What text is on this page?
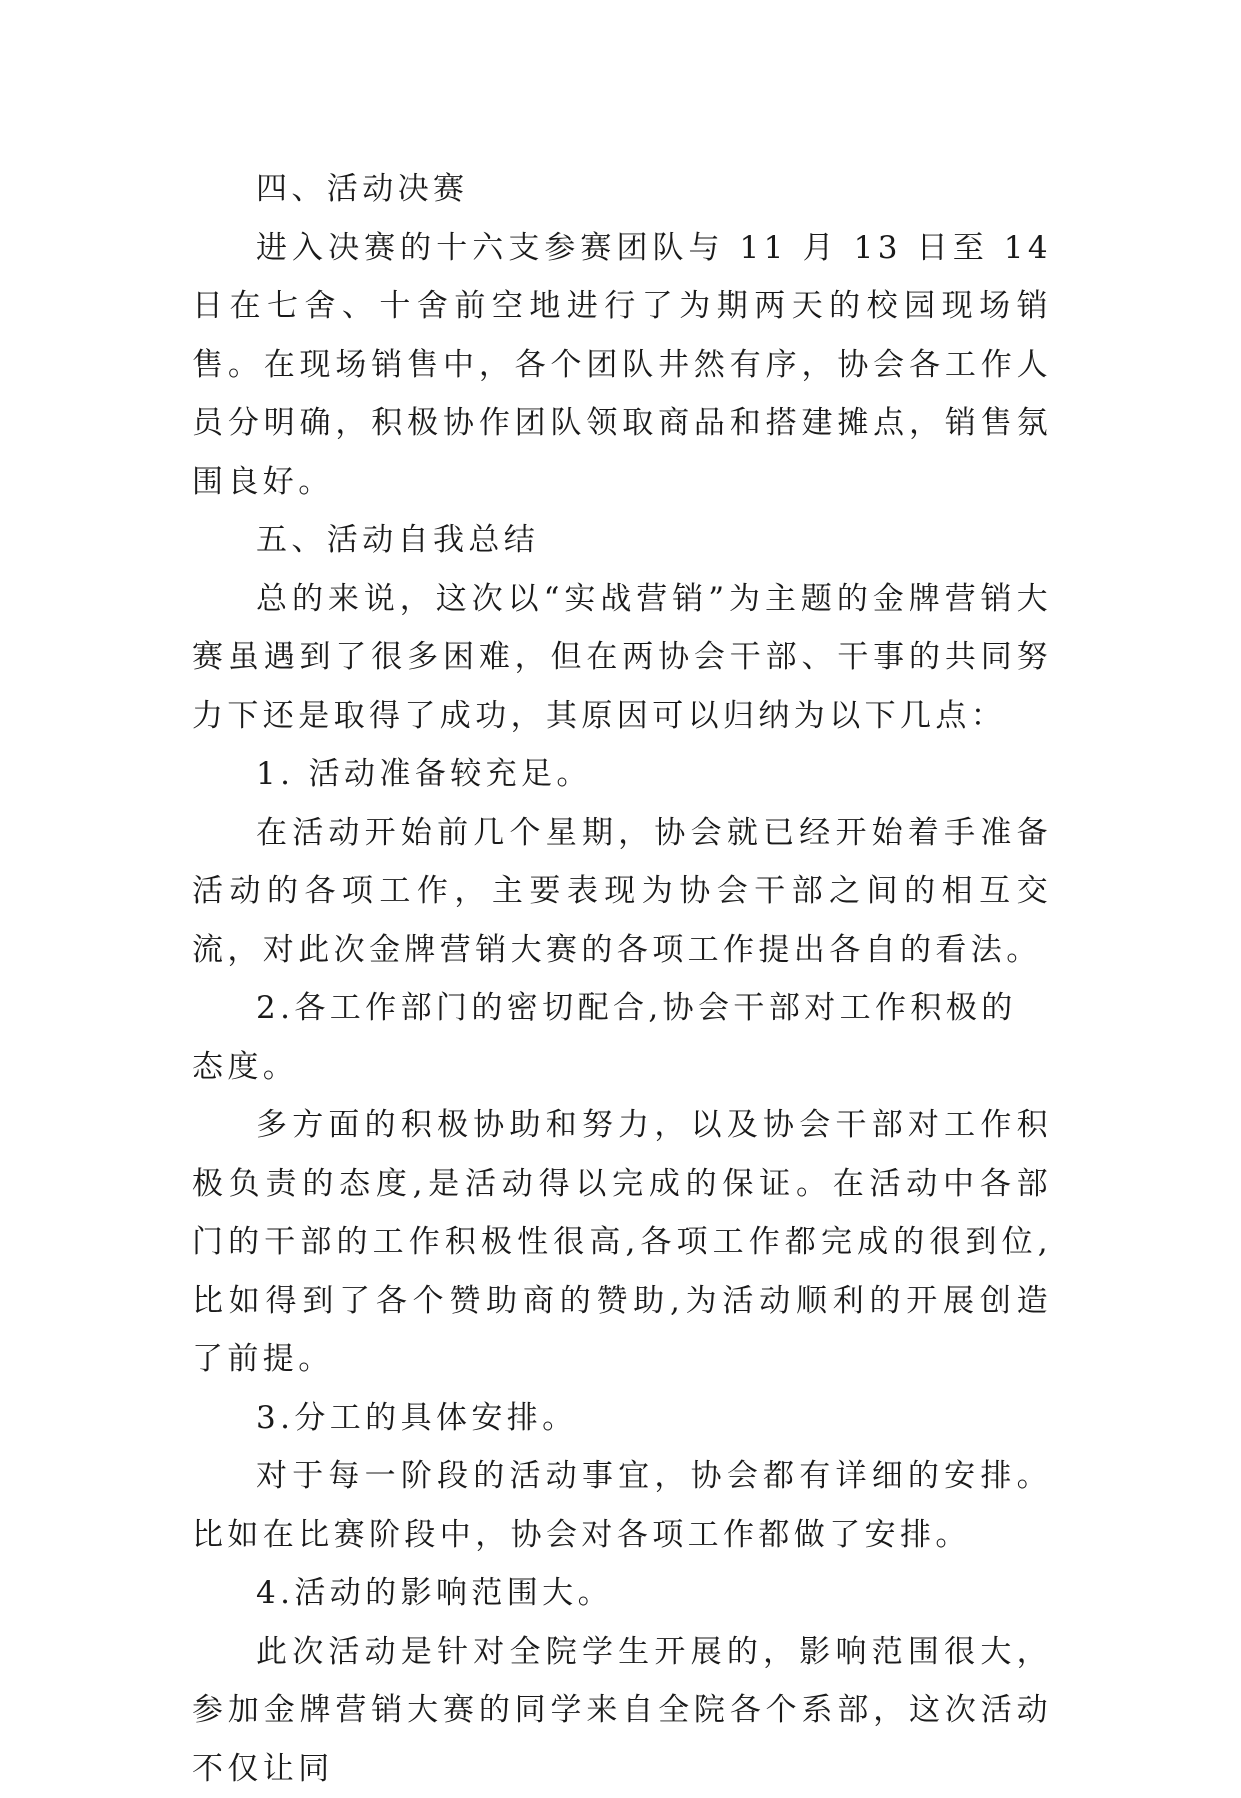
四、活动决赛

进入决赛的十六支参赛团队与 11 月 13 日至 14 日在七舍、十舍前空地进行了为期两天的校园现场销售。在现场销售中，各个团队井然有序，协会各工作人员分明确，积极协作团队领取商品和搭建摊点，销售氛围良好。

五、活动自我总结

总的来说，这次以“实战营销”为主题的金牌营销大赛虽遇到了很多困难，但在两协会干部、干事的共同努力下还是取得了成功，其原因可以归纳为以下几点：

1. 活动准备较充足。

在活动开始前几个星期，协会就已经开始着手准备活动的各项工作，主要表现为协会干部之间的相互交流，对此次金牌营销大赛的各项工作提出各自的看法。

2.各工作部门的密切配合,协会干部对工作积极的态度。

多方面的积极协助和努力，以及协会干部对工作积极负责的态度,是活动得以完成的保证。在活动中各部门的干部的工作积极性很高,各项工作都完成的很到位,比如得到了各个赞助商的赞助,为活动顺利的开展创造了前提。

3.分工的具体安排。

对于每一阶段的活动事宜，协会都有详细的安排。比如在比赛阶段中，协会对各项工作都做了安排。

4.活动的影响范围大。

此次活动是针对全院学生开展的，影响范围很大，参加金牌营销大赛的同学来自全院各个系部，这次活动不仅让同
